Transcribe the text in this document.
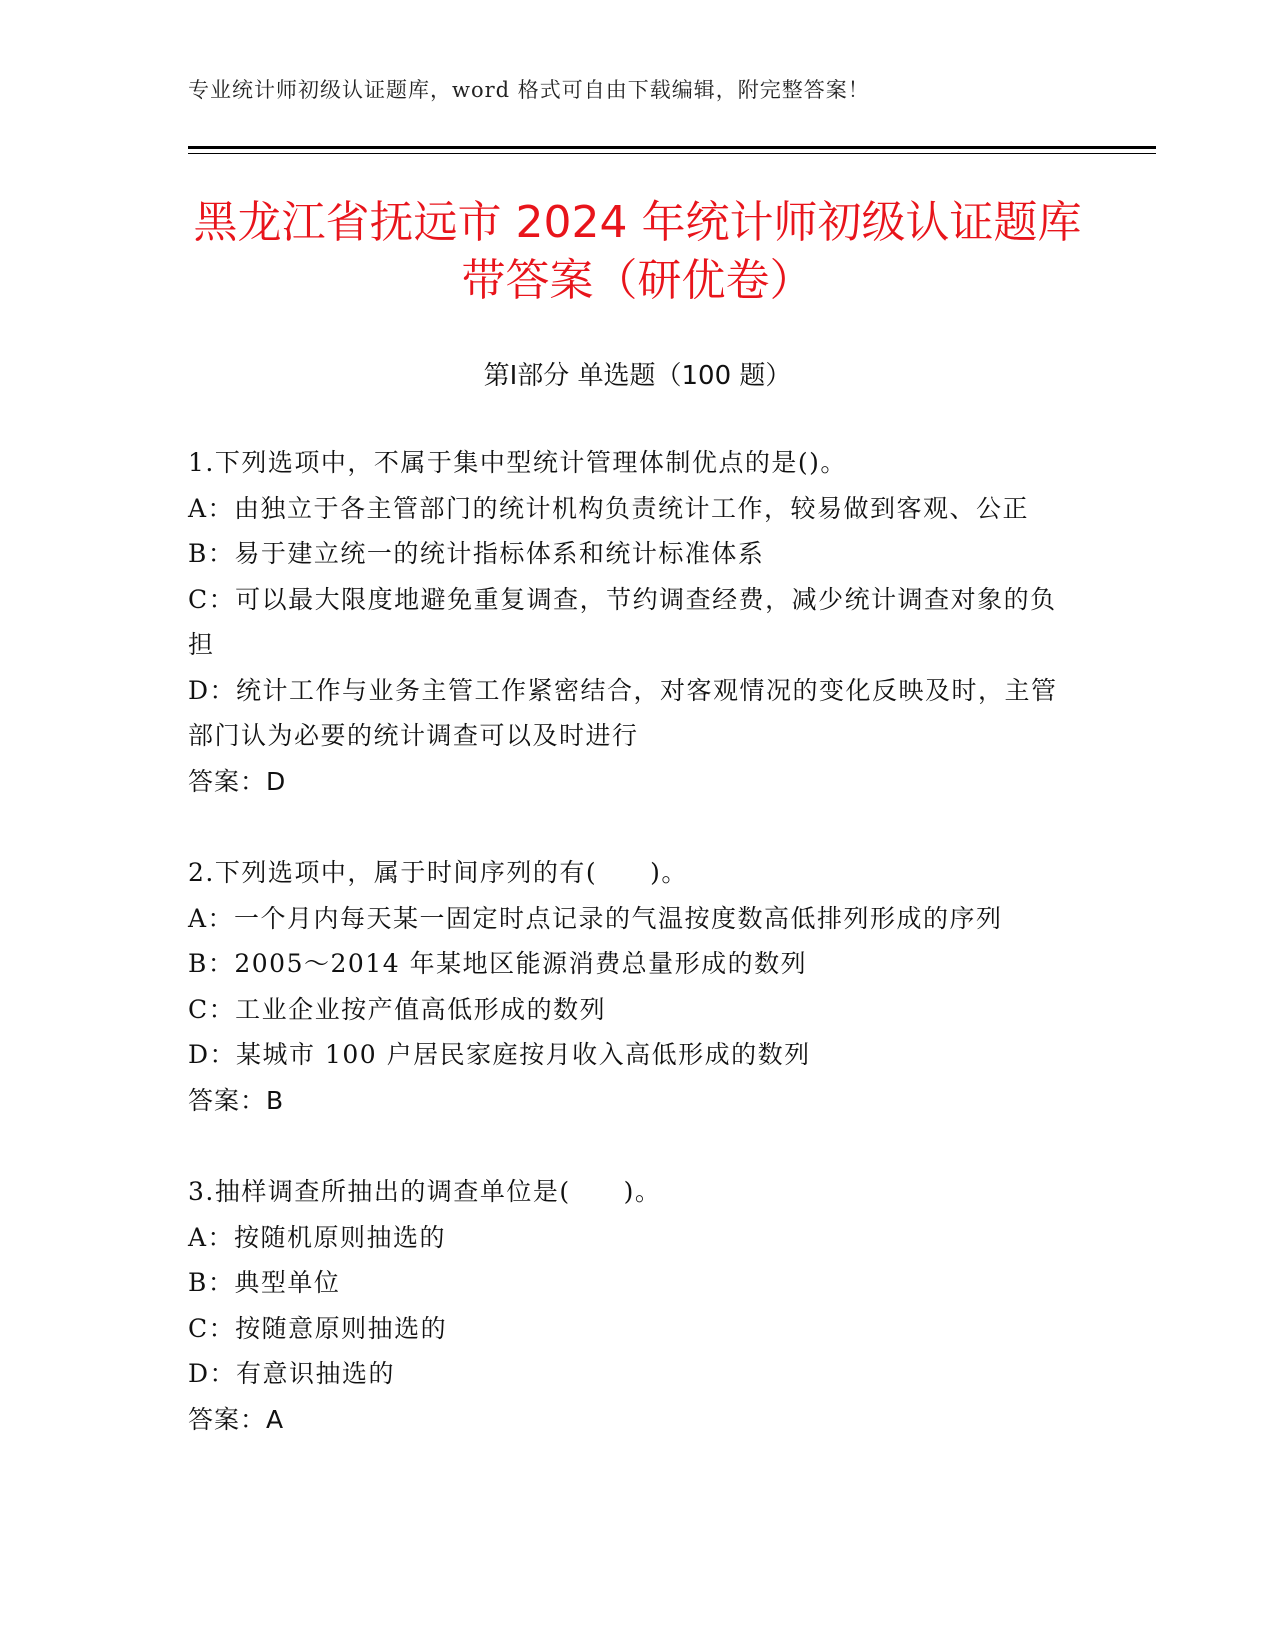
专业统计师初级认证题库，word 格式可自由下载编辑，附完整答案！
黑龙江省抚远市 2024 年统计师初级认证题库
带答案（研优卷）
第Ⅰ部分 单选题（100 题）
1.下列选项中，不属于集中型统计管理体制优点的是()。
A：由独立于各主管部门的统计机构负责统计工作，较易做到客观、公正
B：易于建立统一的统计指标体系和统计标准体系
C：可以最大限度地避免重复调查，节约调查经费，减少统计调查对象的负担
D：统计工作与业务主管工作紧密结合，对客观情况的变化反映及时，主管部门认为必要的统计调查可以及时进行
答案：D
2.下列选项中，属于时间序列的有(　　)。
A：一个月内每天某一固定时点记录的气温按度数高低排列形成的序列
B：2005～2014 年某地区能源消费总量形成的数列
C：工业企业按产值高低形成的数列
D：某城市 100 户居民家庭按月收入高低形成的数列
答案：B
3.抽样调查所抽出的调查单位是(　　)。
A：按随机原则抽选的
B：典型单位
C：按随意原则抽选的
D：有意识抽选的
答案：A
